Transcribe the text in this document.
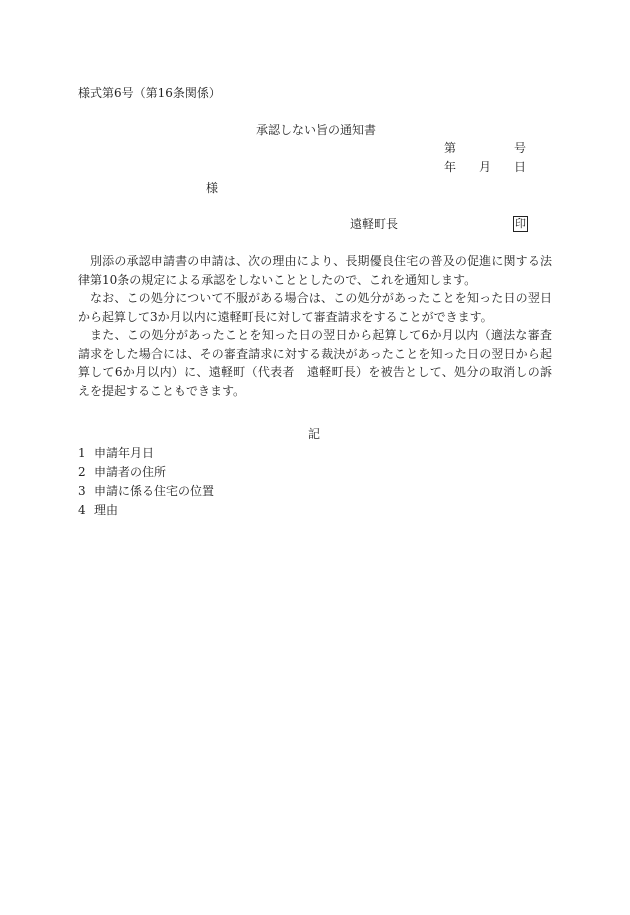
様式第6号（第16条関係）
承認しない旨の通知書
第	号
年 月 日
様
遠軽町長	印
別添の承認申請書の申請は、次の理由により、長期優良住宅の普及の促進に関する法律第10条の規定による承認をしないこととしたので、これを通知します。
なお、この処分について不服がある場合は、この処分があったことを知った日の翌日から起算して3か月以内に遠軽町長に対して審査請求をすることができます。
また、この処分があったことを知った日の翌日から起算して6か月以内（適法な審査請求をした場合には、その審査請求に対する裁決があったことを知った日の翌日から起算して6か月以内）に、遠軽町（代表者　遠軽町長）を被告として、処分の取消しの訴えを提起することもできます。
記
1 申請年月日
2 申請者の住所
3 申請に係る住宅の位置
4 理由
